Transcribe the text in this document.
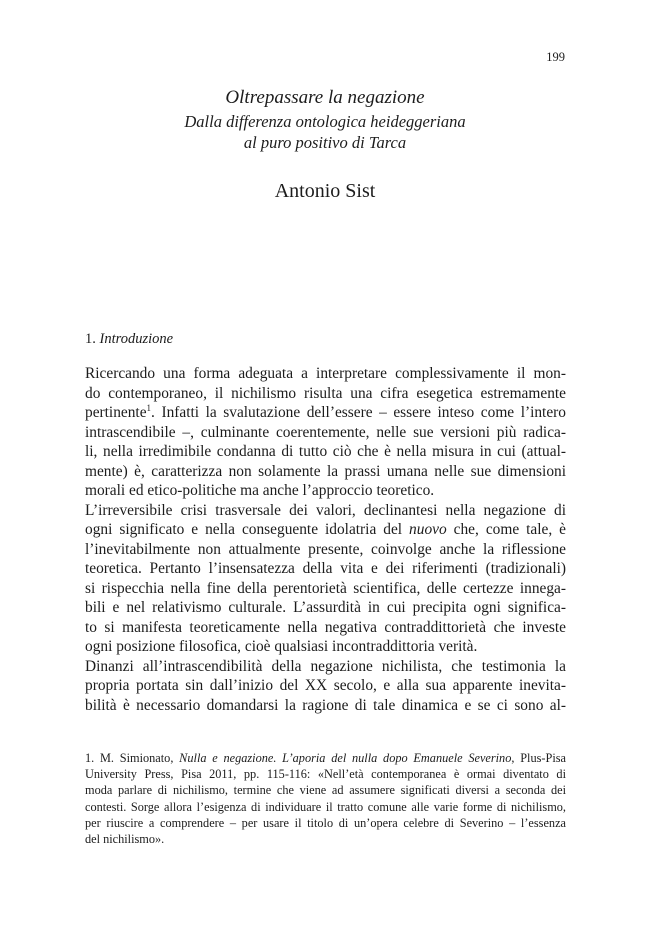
199
Oltrepassare la negazione
Dalla differenza ontologica heideggeriana
al puro positivo di Tarca
Antonio Sist
1. Introduzione
Ricercando una forma adeguata a interpretare complessivamente il mon-
do contemporaneo, il nichilismo risulta una cifra esegetica estremamente
pertinente$^1$. Infatti la svalutazione dell’essere – essere inteso come l’intero
intrascendibile –, culminante coerentemente, nelle sue versioni più radica-
li, nella irredimibile condanna di tutto ciò che è nella misura in cui (attual-
mente) è, caratterizza non solamente la prassi umana nelle sue dimensioni
morali ed etico-politiche ma anche l’approccio teoretico.
L’irreversibile crisi trasversale dei valori, declinantesi nella negazione di
ogni significato e nella conseguente idolatria del nuovo che, come tale, è
l’inevitabilmente non attualmente presente, coinvolge anche la riflessione
teoretica. Pertanto l’insensatezza della vita e dei riferimenti (tradizionali)
si rispecchia nella fine della perentorietà scientifica, delle certezze innega-
bili e nel relativismo culturale. L’assurdità in cui precipita ogni significa-
to si manifesta teoreticamente nella negativa contraddittorietà che investe
ogni posizione filosofica, cioè qualsiasi incontraddittoria verità.
Dinanzi all’intrascendibilità della negazione nichilista, che testimonia la
propria portata sin dall’inizio del XX secolo, e alla sua apparente inevita-
bilità è necessario domandarsi la ragione di tale dinamica e se ci sono al-
1. M. Simionato, Nulla e negazione. L’aporia del nulla dopo Emanuele Severino, Plus-Pisa
University Press, Pisa 2011, pp. 115-116: «Nell’età contemporanea è ormai diventato di
moda parlare di nichilismo, termine che viene ad assumere significati diversi a seconda dei
contesti. Sorge allora l’esigenza di individuare il tratto comune alle varie forme di nichilismo,
per riuscire a comprendere – per usare il titolo di un’opera celebre di Severino – l’essenza
del nichilismo».
